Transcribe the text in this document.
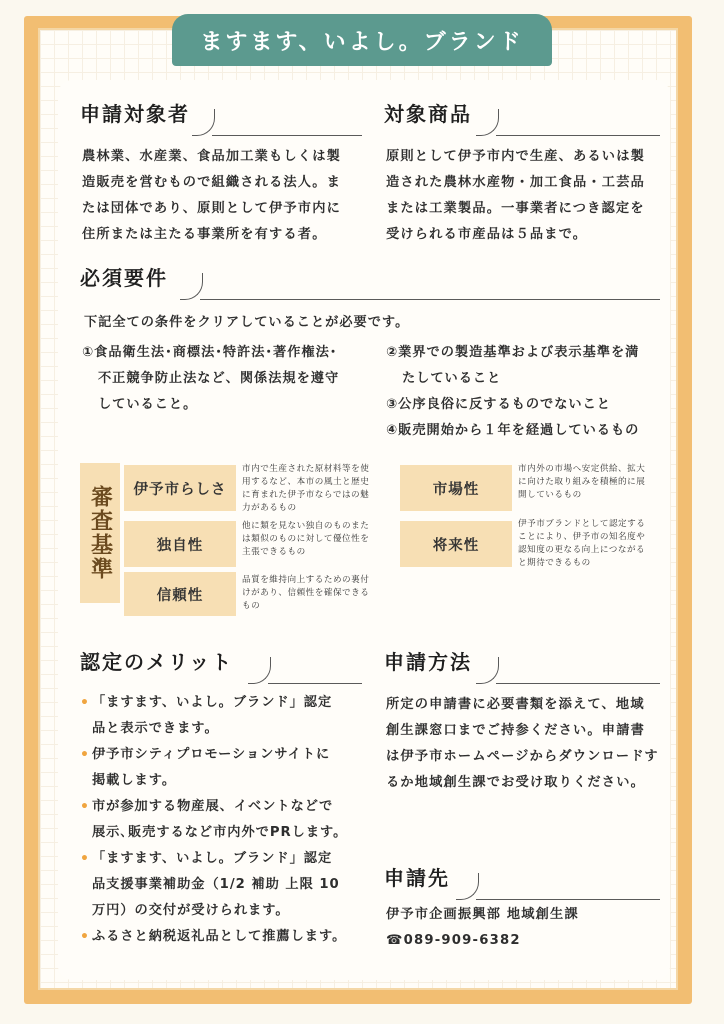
ますます、いよし。ブランド
申請対象者
農林業、水産業、食品加工業もしくは製
造販売を営むもので組織される法人。ま
たは団体であり、原則として伊予市内に
住所または主たる事業所を有する者。
対象商品
原則として伊予市内で生産、あるいは製
造された農林水産物・加工食品・工芸品
または工業製品。一事業者につき認定を
受けられる市産品は５品まで。
必須要件
下記全ての条件をクリアしていることが必要です。
①食品衛生法･商標法･特許法･著作権法･
不正競争防止法など、関係法規を遵守
していること。
②業界での製造基準および表示基準を満
たしていること
③公序良俗に反するものでないこと
④販売開始から１年を経過しているもの
審査基準	伊予市らしさ
市内で生産された原材料等を使
用するなど、本市の風土と歴史
に育まれた伊予市ならではの魅
力があるもの
独自性
他に類を見ない独自のものまた
は類似のものに対して優位性を
主張できるもの
信頼性
品質を維持向上するための裏付
けがあり、信頼性を確保できる
もの
市場性
市内外の市場へ安定供給、拡大
に向けた取り組みを積極的に展
開しているもの
将来性
伊予市ブランドとして認定する
ことにより、伊予市の知名度や
認知度の更なる向上につながる
と期待できるもの
認定のメリット
• 「ますます、いよし。ブランド」認定
品と表示できます。
• 伊予市シティプロモーションサイトに
掲載します。
• 市が参加する物産展、イベントなどで
展示､販売するなど市内外でPRします。
• 「ますます、いよし。ブランド」認定
品支援事業補助金（1/2 補助 上限 10
万円）の交付が受けられます。
• ふるさと納税返礼品として推薦します。
申請方法
所定の申請書に必要書類を添えて、地域
創生課窓口までご持参ください。申請書
は伊予市ホームページからダウンロードす
るか地域創生課でお受け取りください。
申請先
伊予市企画振興部 地域創生課
☎089-909-6382
